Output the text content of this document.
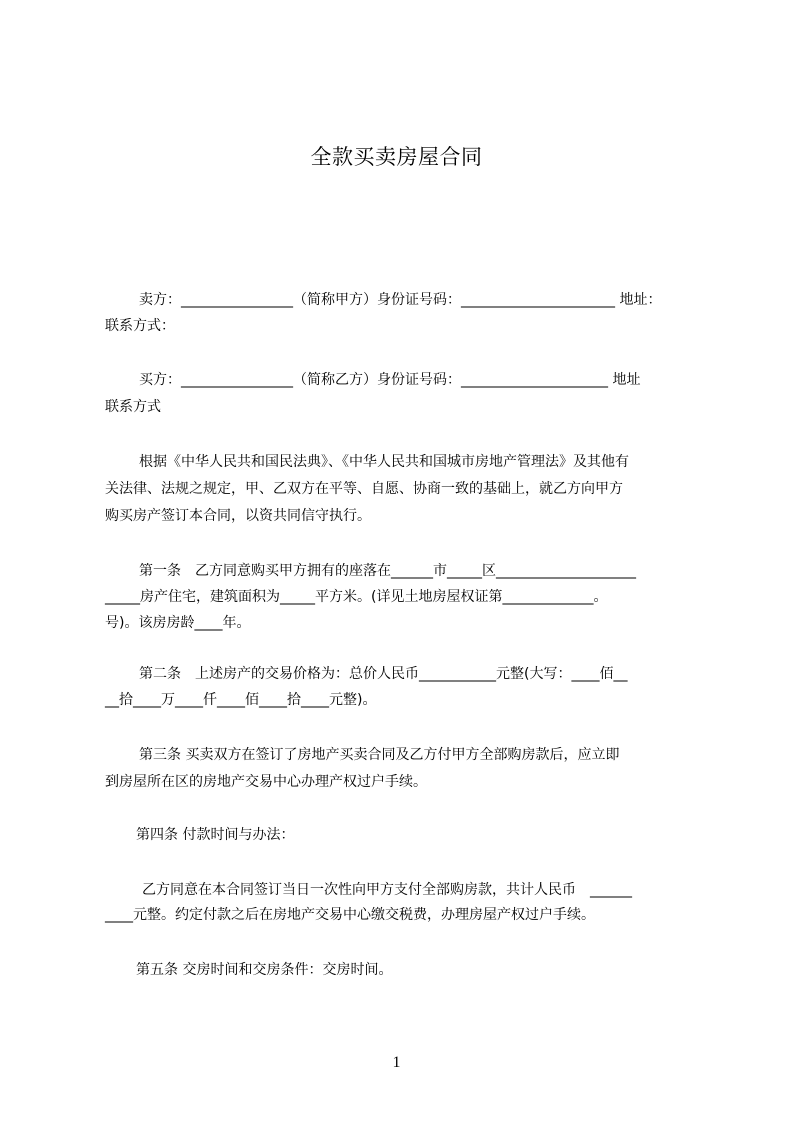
全款买卖房屋合同
卖方：________________（简称甲方）身份证号码：______________________ 地址：
联系方式：
买方：________________（简称乙方）身份证号码：_____________________ 地址
联系方式
根据《中华人民共和国民法典》、《中华人民共和国城市房地产管理法》及其他有
关法律、法规之规定，甲、乙双方在平等、自愿、协商一致的基础上，就乙方向甲方
购买房产签订本合同，以资共同信守执行。
第一条　乙方同意购买甲方拥有的座落在______市_____区____________________
_____房产住宅，建筑面积为_____平方米。(详见土地房屋权证第_____________。
号)。该房房龄____年。
第二条　上述房产的交易价格为：总价人民币___________元整(大写：____佰__
__拾____万____仟____佰____拾____元整)。
第三条 买卖双方在签订了房地产买卖合同及乙方付甲方全部购房款后，应立即
到房屋所在区的房地产交易中心办理产权过户手续。
第四条 付款时间与办法：
乙方同意在本合同签订当日一次性向甲方支付全部购房款，共计人民币　______
____元整。约定付款之后在房地产交易中心缴交税费，办理房屋产权过户手续。
第五条 交房时间和交房条件：交房时间。
1
